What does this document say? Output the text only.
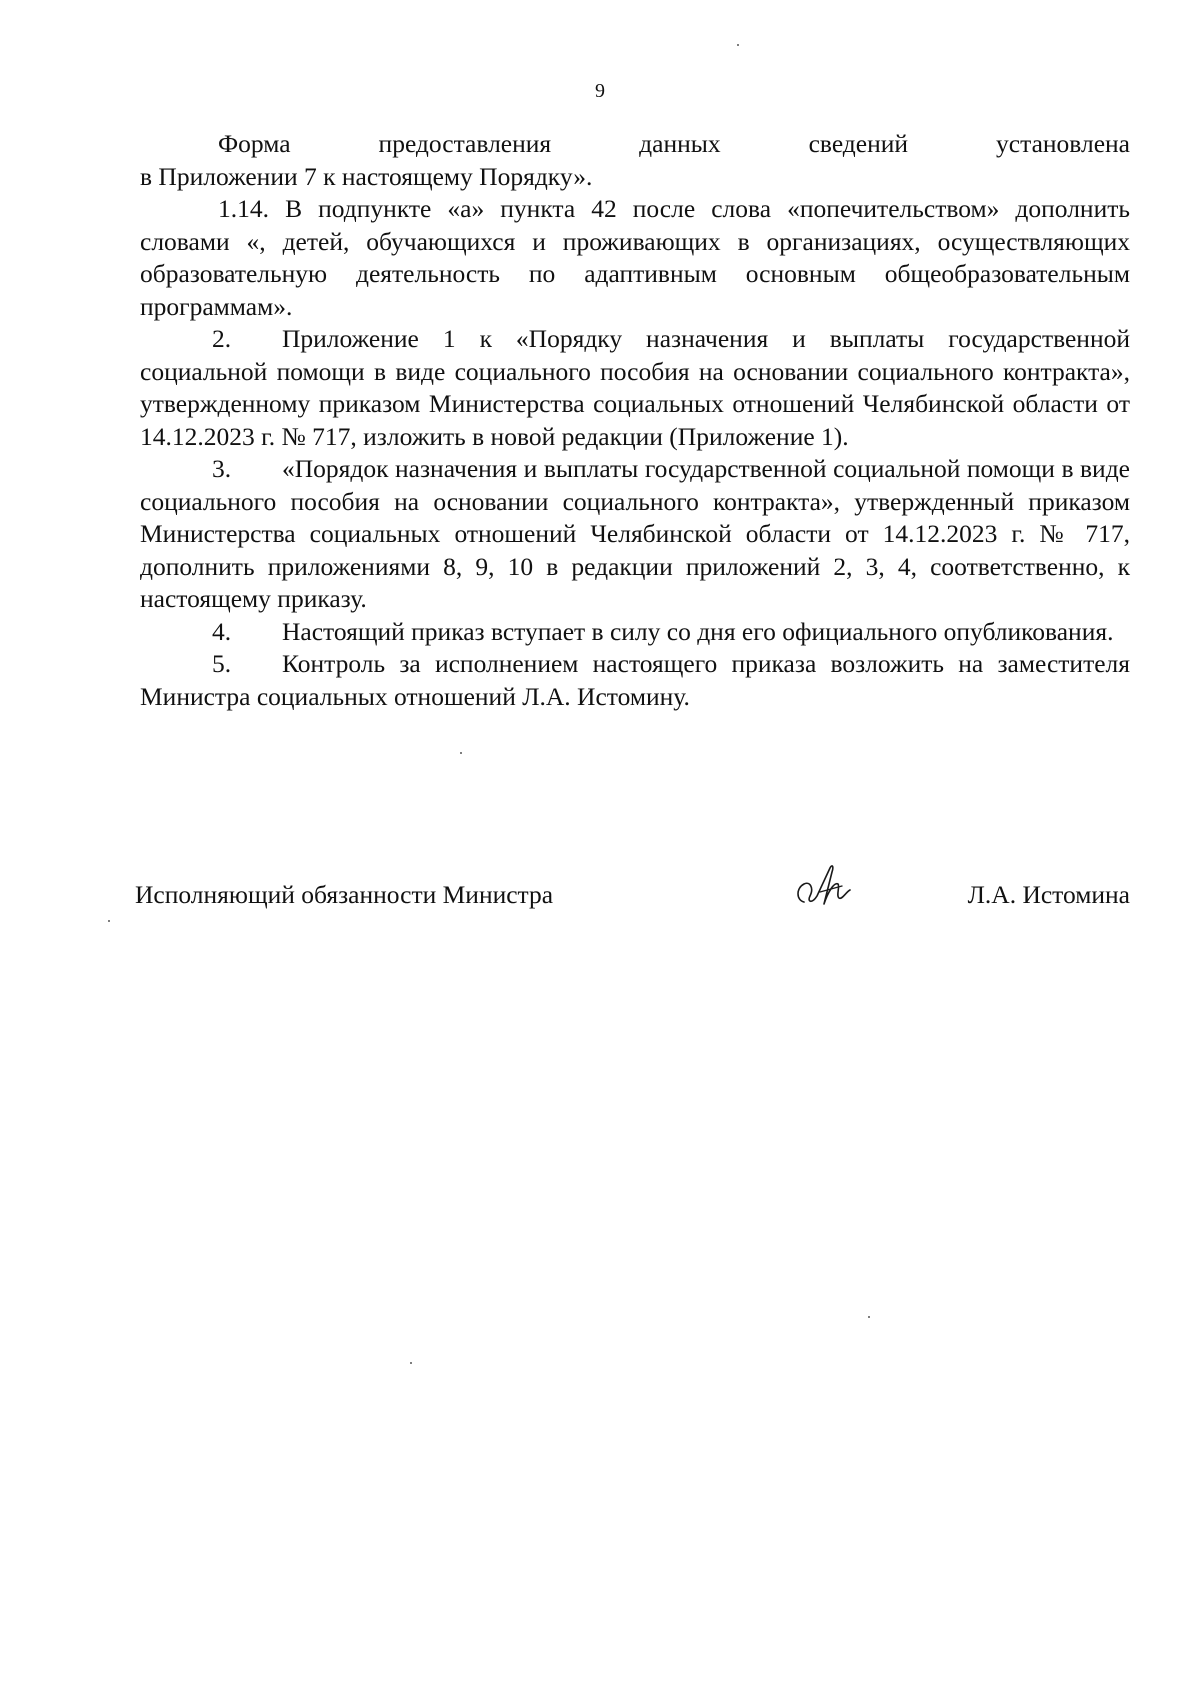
9

Форма предоставления данных сведений установлена

в Приложении 7 к настоящему Порядку».

1.14. В подпункте «а» пункта 42 после слова «попечительством» дополнить словами «, детей, обучающихся и проживающих в организациях, осуществляющих образовательную деятельность по адаптивным основным общеобразовательным программам».

2. Приложение 1 к «Порядку назначения и выплаты государственной социальной помощи в виде социального пособия на основании социального контракта», утвержденному приказом Министерства социальных отношений Челябинской области от 14.12.2023 г. № 717, изложить в новой редакции (Приложение 1).

3. «Порядок назначения и выплаты государственной социальной помощи в виде социального пособия на основании социального контракта», утвержденный приказом Министерства социальных отношений Челябинской области от 14.12.2023 г. № 717, дополнить приложениями 8, 9, 10 в редакции приложений 2, 3, 4, соответственно, к настоящему приказу.

4. Настоящий приказ вступает в силу со дня его официального опубликования.

5. Контроль за исполнением настоящего приказа возложить на заместителя Министра социальных отношений Л.А. Истомину.

Исполняющий обязанности Министра	Л.А. Истомина
